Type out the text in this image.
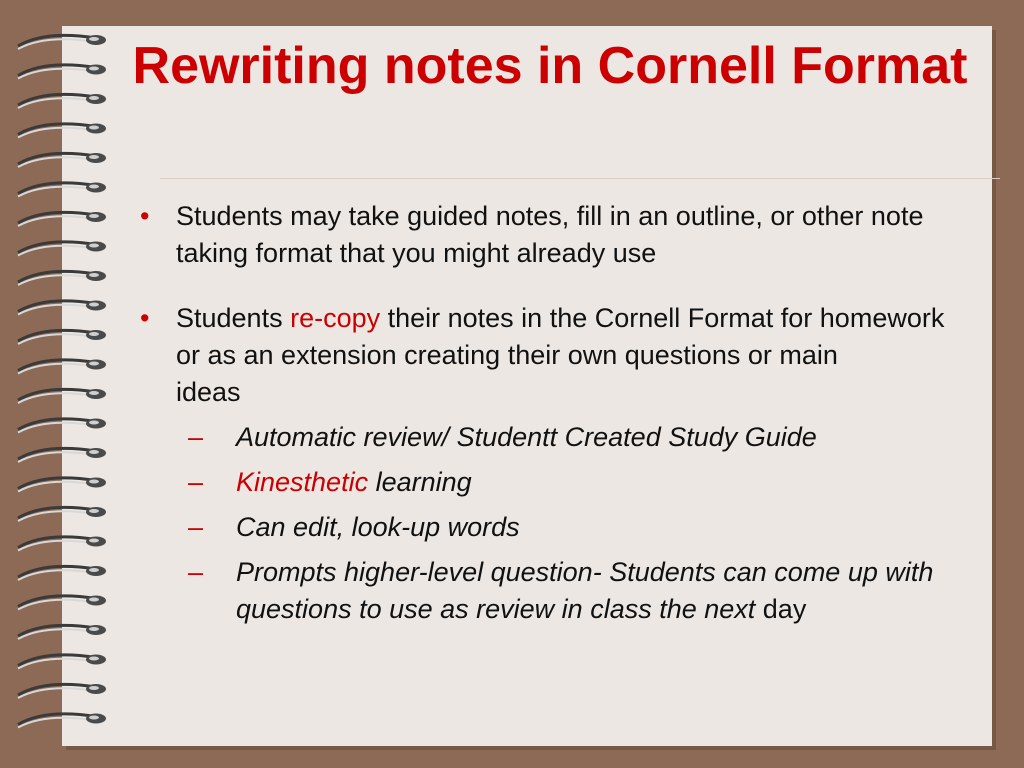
Rewriting notes in Cornell Format

• Students may take guided notes, fill in an outline, or other note taking format that you might already use

• Students re-copy their notes in the Cornell Format for homework or as an extension creating their own questions or main
ideas

– Automatic review/ Studentt Created Study Guide

– Kinesthetic learning

– Can edit, look-up words

– Prompts higher-level question- Students can come up with questions to use as review in class the next day
